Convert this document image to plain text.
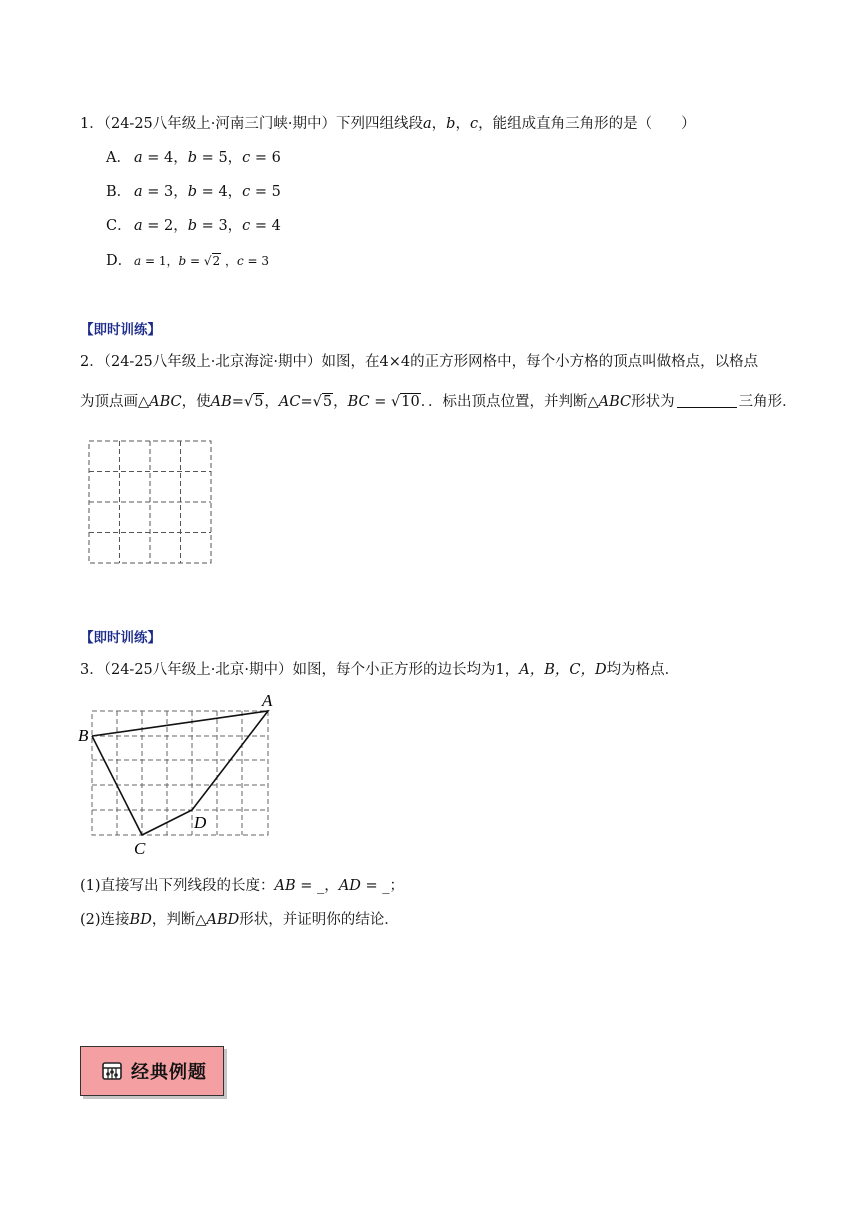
1．（24-25八年级上·河南三门峡·期中）下列四组线段a，b，c，能组成直角三角形的是（　　）
A． a = 4，b = 5，c = 6
B． a = 3，b = 4，c = 5
C． a = 2，b = 3，c = 4
D． a = 1，b = √2 ，c = 3
【即时训练】
2．（24-25八年级上·北京海淀·期中）如图，在4×4的正方形网格中，每个小方格的顶点叫做格点，以格点
为顶点画△ABC，使AB=√5，AC=√5，BC = √10．．标出顶点位置，并判断△ABC形状为	三角形．
【即时训练】
3．（24-25八年级上·北京·期中）如图，每个小正方形的边长均为1，A，B，C，D均为格点．
A
B
C
D
(1)直接写出下列线段的长度：AB = _，AD = _；
(2)连接BD，判断△ABD形状，并证明你的结论．
经典例题
